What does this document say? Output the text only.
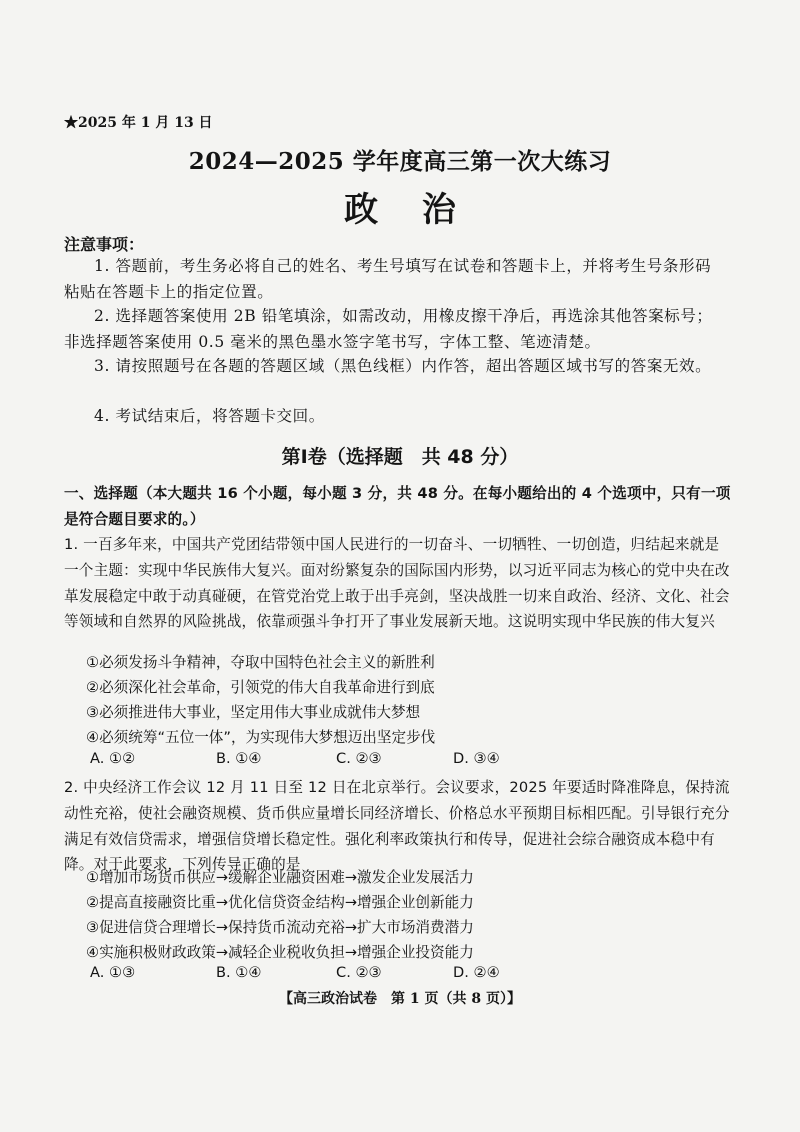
★2025 年 1 月 13 日
2024—2025 学年度高三第一次大练习
政 治
注意事项：
1. 答题前，考生务必将自己的姓名、考生号填写在试卷和答题卡上，并将考生号条形码粘贴在答题卡上的指定位置。
2. 选择题答案使用 2B 铅笔填涂，如需改动，用橡皮擦干净后，再选涂其他答案标号；非选择题答案使用 0.5 毫米的黑色墨水签字笔书写，字体工整、笔迹清楚。
3. 请按照题号在各题的答题区域（黑色线框）内作答，超出答题区域书写的答案无效。
4. 考试结束后，将答题卡交回。
第Ⅰ卷（选择题　共 48 分）
一、选择题（本大题共 16 个小题，每小题 3 分，共 48 分。在每小题给出的 4 个选项中，只有一项是符合题目要求的。）
1. 一百多年来，中国共产党团结带领中国人民进行的一切奋斗、一切牺牲、一切创造，归结起来就是一个主题：实现中华民族伟大复兴。面对纷繁复杂的国际国内形势，以习近平同志为核心的党中央在改革发展稳定中敢于动真碰硬，在管党治党上敢于出手亮剑，坚决战胜一切来自政治、经济、文化、社会等领域和自然界的风险挑战，依靠顽强斗争打开了事业发展新天地。这说明实现中华民族的伟大复兴
①必须发扬斗争精神，夺取中国特色社会主义的新胜利
②必须深化社会革命，引领党的伟大自我革命进行到底
③必须推进伟大事业，坚定用伟大事业成就伟大梦想
④必须统筹“五位一体”，为实现伟大梦想迈出坚定步伐
A. ①②	B. ①④	C. ②③	D. ③④
2. 中央经济工作会议 12 月 11 日至 12 日在北京举行。会议要求，2025 年要适时降准降息，保持流动性充裕，使社会融资规模、货币供应量增长同经济增长、价格总水平预期目标相匹配。引导银行充分满足有效信贷需求，增强信贷增长稳定性。强化利率政策执行和传导，促进社会综合融资成本稳中有降。对于此要求，下列传导正确的是
①增加市场货币供应→缓解企业融资困难→激发企业发展活力
②提高直接融资比重→优化信贷资金结构→增强企业创新能力
③促进信贷合理增长→保持货币流动充裕→扩大市场消费潜力
④实施积极财政政策→减轻企业税收负担→增强企业投资能力
A. ①③	B. ①④	C. ②③	D. ②④
【高三政治试卷　第 1 页（共 8 页）】
